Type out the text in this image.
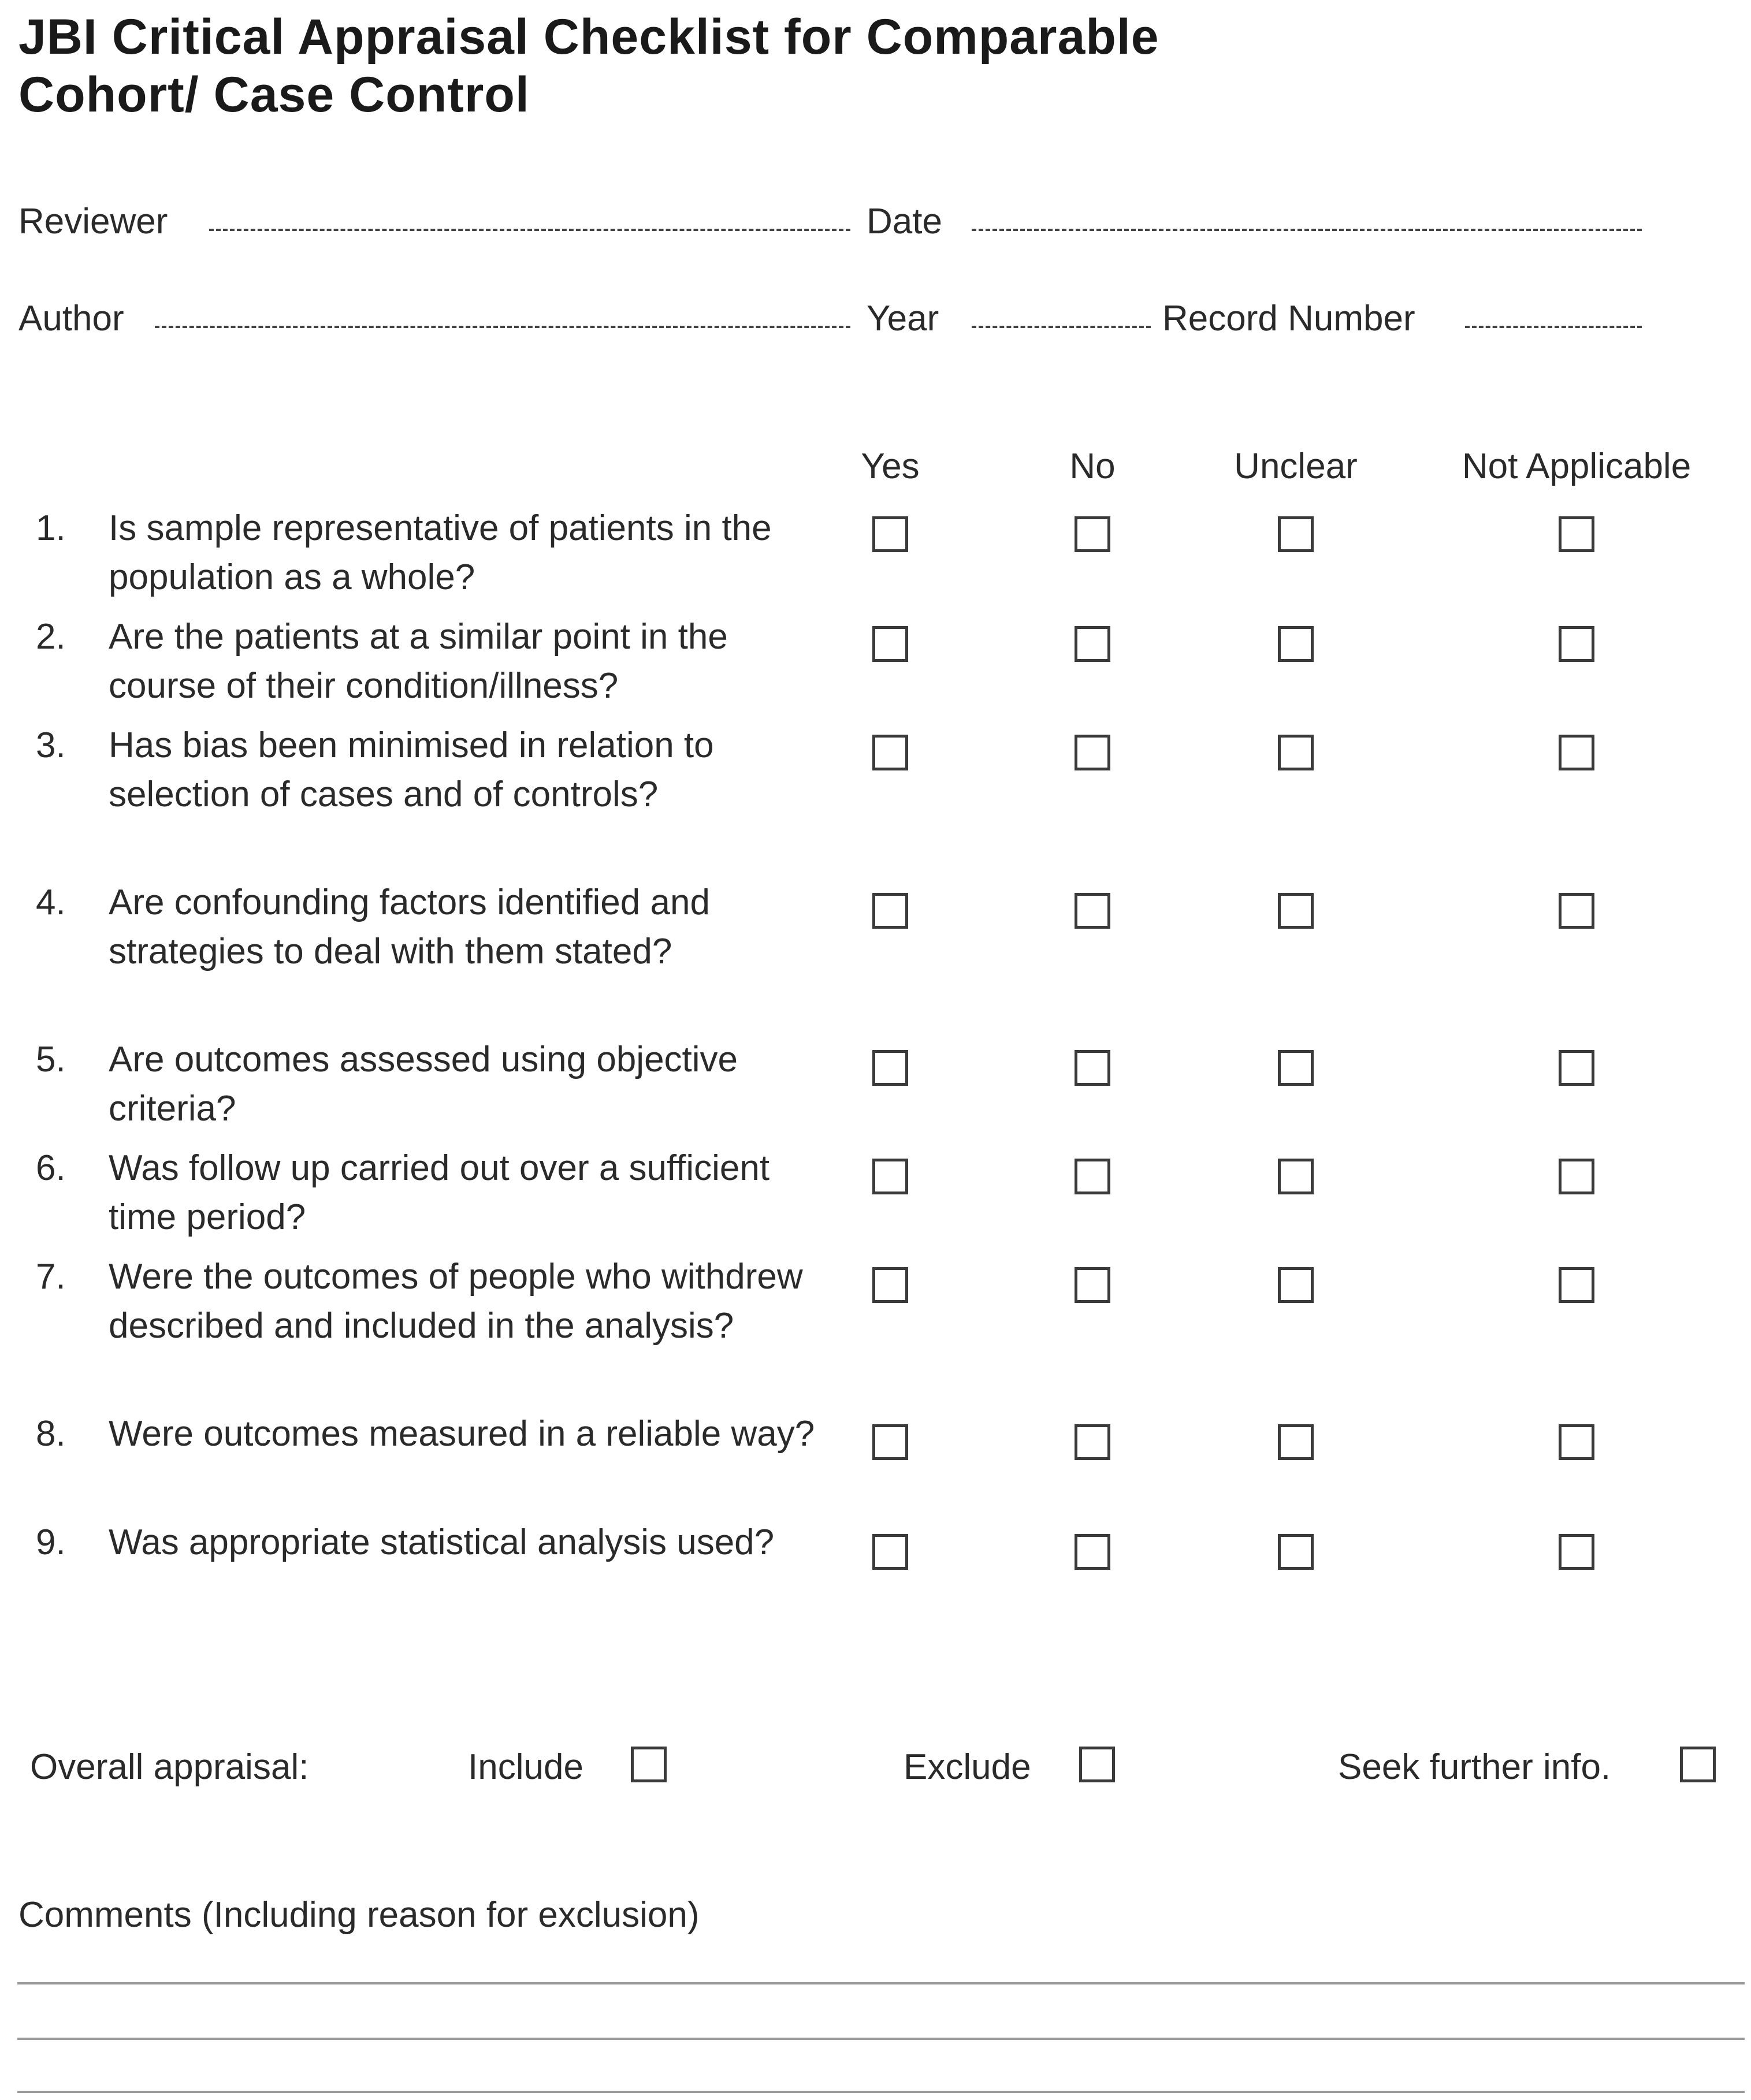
JBI Critical Appraisal Checklist for Comparable
Cohort/ Case Control
Reviewer	Date
Author	Year	Record Number
Yes	No	Unclear	Not Applicable
1.	Is sample representative of patients in the population as a whole?
2.	Are the patients at a similar point in the course of their condition/illness?
3.	Has bias been minimised in relation to selection of cases and of controls?
4.	Are confounding factors identified and strategies to deal with them stated?
5.	Are outcomes assessed using objective criteria?
6.	Was follow up carried out over a sufficient time period?
7.	Were the outcomes of people who withdrew described and included in the analysis?
8.	Were outcomes measured in a reliable way?
9.	Was appropriate statistical analysis used?
Overall appraisal:	Include	Exclude	Seek further info.
Comments (Including reason for exclusion)
